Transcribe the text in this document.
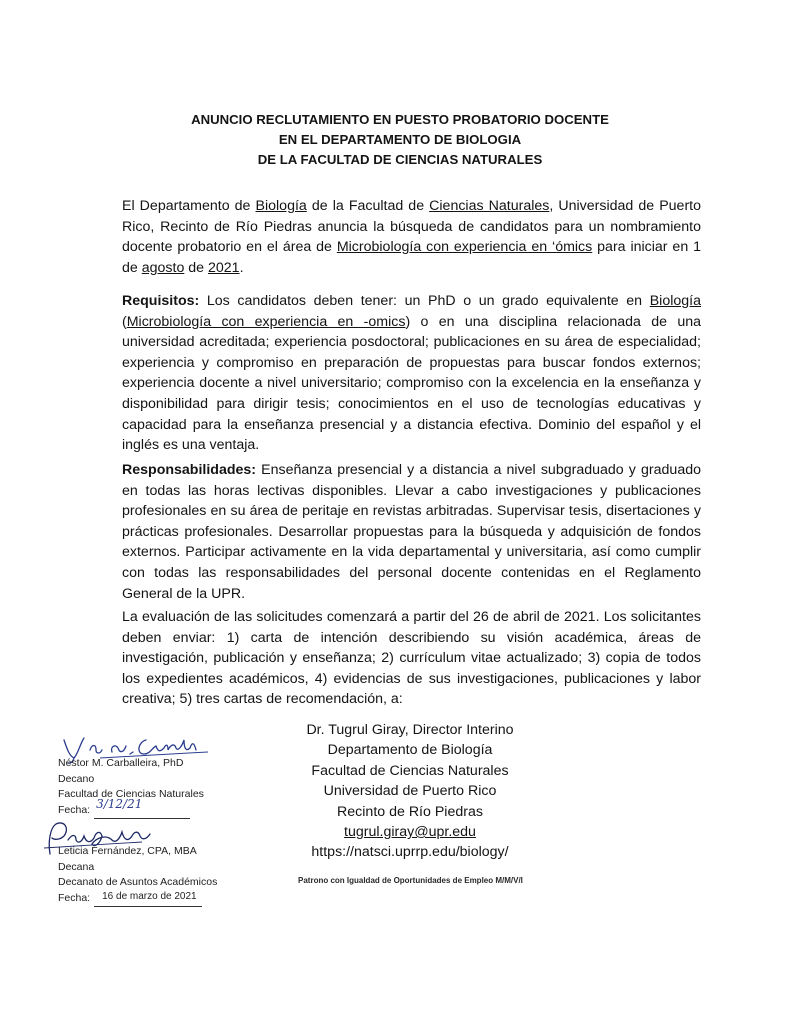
ANUNCIO RECLUTAMIENTO EN PUESTO PROBATORIO DOCENTE
EN EL DEPARTAMENTO DE BIOLOGIA
DE LA FACULTAD DE CIENCIAS NATURALES
El Departamento de Biología de la Facultad de Ciencias Naturales, Universidad de Puerto Rico, Recinto de Río Piedras anuncia la búsqueda de candidatos para un nombramiento docente probatorio en el área de Microbiología con experiencia en ‘ómics para iniciar en 1 de agosto de 2021.
Requisitos: Los candidatos deben tener: un PhD o un grado equivalente en Biología (Microbiología con experiencia en -omics) o en una disciplina relacionada de una universidad acreditada; experiencia posdoctoral; publicaciones en su área de especialidad; experiencia y compromiso en preparación de propuestas para buscar fondos externos; experiencia docente a nivel universitario; compromiso con la excelencia en la enseñanza y disponibilidad para dirigir tesis; conocimientos en el uso de tecnologías educativas y capacidad para la enseñanza presencial y a distancia efectiva. Dominio del español y el inglés es una ventaja.
Responsabilidades: Enseñanza presencial y a distancia a nivel subgraduado y graduado en todas las horas lectivas disponibles. Llevar a cabo investigaciones y publicaciones profesionales en su área de peritaje en revistas arbitradas. Supervisar tesis, disertaciones y prácticas profesionales. Desarrollar propuestas para la búsqueda y adquisición de fondos externos. Participar activamente en la vida departamental y universitaria, así como cumplir con todas las responsabilidades del personal docente contenidas en el Reglamento General de la UPR.
La evaluación de las solicitudes comenzará a partir del 26 de abril de 2021. Los solicitantes deben enviar: 1) carta de intención describiendo su visión académica, áreas de investigación, publicación y enseñanza; 2) currículum vitae actualizado; 3) copia de todos los expedientes académicos, 4) evidencias de sus investigaciones, publicaciones y labor creativa; 5) tres cartas de recomendación, a:
Dr. Tugrul Giray, Director Interino
Departamento de Biología
Facultad de Ciencias Naturales
Universidad de Puerto Rico
Recinto de Río Piedras
tugrul.giray@upr.edu
https://natsci.uprrp.edu/biology/
Patrono con Igualdad de Oportunidades de Empleo M/M/V/I
Néstor M. Carballeira, PhD
Decano
Facultad de Ciencias Naturales
Fecha: 3/12/21

Leticia Fernández, CPA, MBA
Decana
Decanato de Asuntos Académicos
Fecha: 16 de marzo de 2021
